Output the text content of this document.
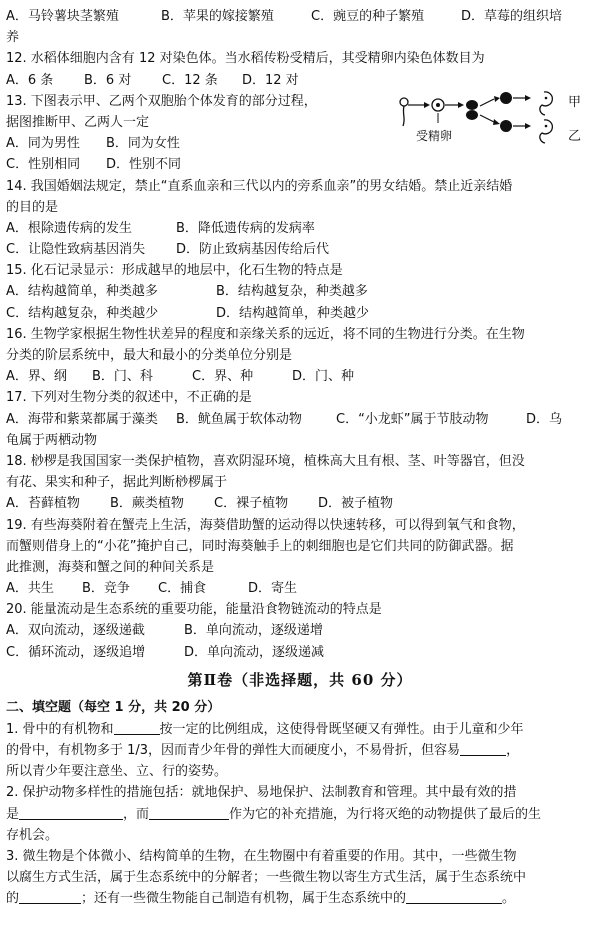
A．马铃薯块茎繁殖	B．苹果的嫁接繁殖	C．豌豆的种子繁殖	D．草莓的组织培
养
12. 水稻体细胞内含有 12 对染色体。当水稻传粉受精后，其受精卵内染色体数目为
A．6 条	B．6 对	C．12 条	D．12 对
13. 下图表示甲、乙两个双胞胎个体发育的部分过程，
据图推断甲、乙两人一定
A．同为男性	B．同为女性
C．性别相同	D．性别不同
14. 我国婚姻法规定，禁止“直系血亲和三代以内的旁系血亲”的男女结婚。禁止近亲结婚
的目的是
A．根除遗传病的发生	B．降低遗传病的发病率
C．让隐性致病基因消失	D．防止致病基因传给后代
15. 化石记录显示：形成越早的地层中，化石生物的特点是
A．结构越简单，种类越多	B．结构越复杂，种类越多
C．结构越复杂，种类越少	D．结构越简单，种类越少
16. 生物学家根据生物性状差异的程度和亲缘关系的远近，将不同的生物进行分类。在生物
分类的阶层系统中，最大和最小的分类单位分别是
A．界、纲	B．门、科	C．界、种	D．门、种
17. 下列对生物分类的叙述中，不正确的是
A．海带和紫菜都属于藻类	B．鱿鱼属于软体动物	C．“小龙虾”属于节肢动物	D．乌
龟属于两栖动物
18. 桫椤是我国国家一类保护植物，喜欢阴湿环境，植株高大且有根、茎、叶等器官，但没
有花、果实和种子，据此判断桫椤属于
A．苔藓植物	B．蕨类植物	C．裸子植物	D．被子植物
19. 有些海葵附着在蟹壳上生活，海葵借助蟹的运动得以快速转移，可以得到氧气和食物，
而蟹则借身上的“小花”掩护自己，同时海葵触手上的刺细胞也是它们共同的防御武器。据
此推测，海葵和蟹之间的种间关系是
A．共生	B．竞争	C．捕食	D．寄生
20. 能量流动是生态系统的重要功能，能量沿食物链流动的特点是
A．双向流动，逐级递截	B．单向流动，逐级递增
C．循环流动，逐级追增	D．单向流动，逐级递减
第Ⅱ卷（非选择题，共 60 分）
二、填空题（每空 1 分，共 20 分）
1. 骨中的有机物和	按一定的比例组成，这使得骨既坚硬又有弹性。由于儿童和少年
的骨中，有机物多于 1/3，因而青少年骨的弹性大而硬度小，不易骨折，但容易	，
所以青少年要注意坐、立、行的姿势。
2. 保护动物多样性的措施包括：就地保护、易地保护、法制教育和管理。其中最有效的措
是	，而	作为它的补充措施，为行将灭绝的动物提供了最后的生
存机会。
3. 微生物是个体微小、结构简单的生物，在生物圈中有着重要的作用。其中，一些微生物
以腐生方式生活，属于生态系统中的分解者；一些微生物以寄生方式生活，属于生态系统中
的	；还有一些微生物能自己制造有机物，属于生态系统中的	。
受精卵
甲
乙
